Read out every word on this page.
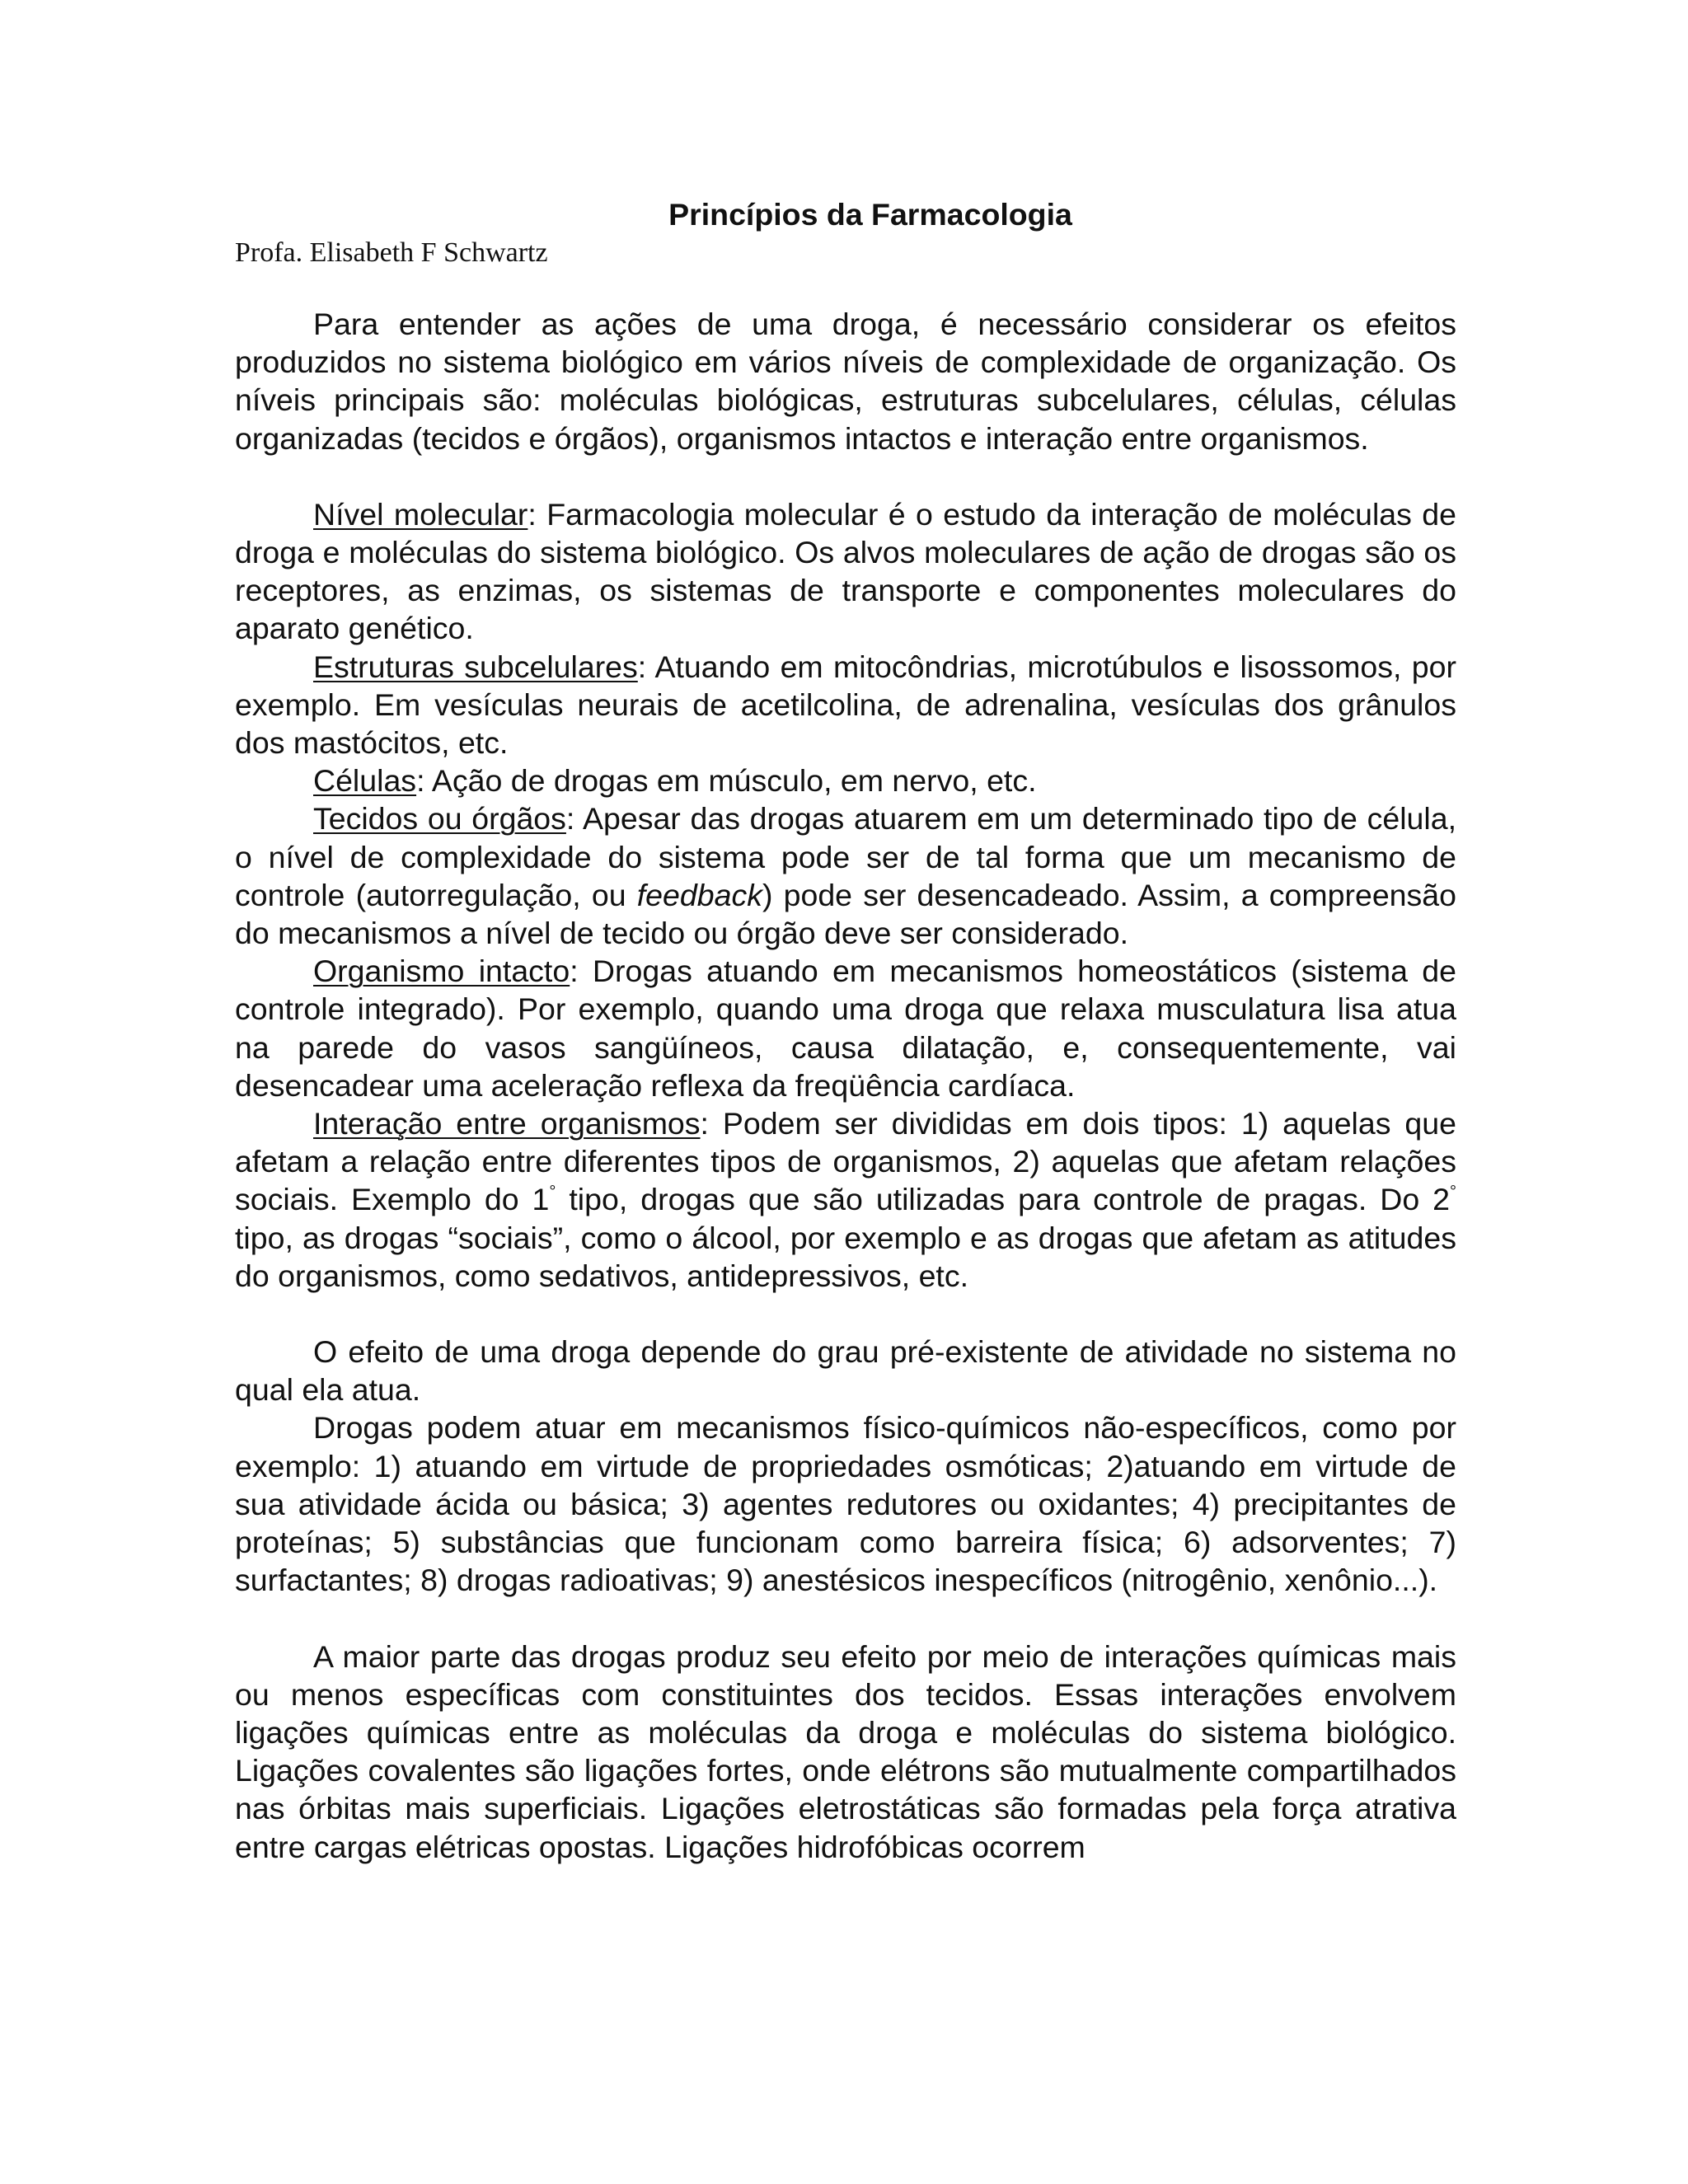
Princípios da Farmacologia
Profa. Elisabeth F Schwartz

Para entender as ações de uma droga, é necessário considerar os efeitos produzidos no sistema biológico em vários níveis de complexidade de organização. Os níveis principais são: moléculas biológicas, estruturas subcelulares, células, células organizadas (tecidos e órgãos), organismos intactos e interação entre organismos.

Nível molecular: Farmacologia molecular é o estudo da interação de moléculas de droga e moléculas do sistema biológico. Os alvos moleculares de ação de drogas são os receptores, as enzimas, os sistemas de transporte e componentes moleculares do aparato genético.

Estruturas subcelulares: Atuando em mitocôndrias, microtúbulos e lisossomos, por exemplo. Em vesículas neurais de acetilcolina, de adrenalina, vesículas dos grânulos dos mastócitos, etc.

Células: Ação de drogas em músculo, em nervo, etc.

Tecidos ou órgãos: Apesar das drogas atuarem em um determinado tipo de célula, o nível de complexidade do sistema pode ser de tal forma que um mecanismo de controle (autorregulação, ou feedback) pode ser desencadeado. Assim, a compreensão do mecanismos a nível de tecido ou órgão deve ser considerado.

Organismo intacto: Drogas atuando em mecanismos homeostáticos (sistema de controle integrado). Por exemplo, quando uma droga que relaxa musculatura lisa atua na parede do vasos sangüíneos, causa dilatação, e, consequentemente, vai desencadear uma aceleração reflexa da freqüência cardíaca.

Interação entre organismos: Podem ser divididas em dois tipos: 1) aquelas que afetam a relação entre diferentes tipos de organismos, 2) aquelas que afetam relações sociais. Exemplo do 1° tipo, drogas que são utilizadas para controle de pragas. Do 2° tipo, as drogas “sociais”, como o álcool, por exemplo e as drogas que afetam as atitudes do organismos, como sedativos, antidepressivos, etc.

O efeito de uma droga depende do grau pré-existente de atividade no sistema no qual ela atua.

Drogas podem atuar em mecanismos físico-químicos não-específicos, como por exemplo: 1) atuando em virtude de propriedades osmóticas; 2)atuando em virtude de sua atividade ácida ou básica; 3) agentes redutores ou oxidantes; 4) precipitantes de proteínas; 5) substâncias que funcionam como barreira física; 6) adsorventes; 7) surfactantes; 8) drogas radioativas; 9) anestésicos inespecíficos (nitrogênio, xenônio...).

A maior parte das drogas produz seu efeito por meio de interações químicas mais ou menos específicas com constituintes dos tecidos. Essas interações envolvem ligações químicas entre as moléculas da droga e moléculas do sistema biológico. Ligações covalentes são ligações fortes, onde elétrons são mutualmente compartilhados nas órbitas mais superficiais. Ligações eletrostáticas são formadas pela força atrativa entre cargas elétricas opostas. Ligações hidrofóbicas ocorrem
